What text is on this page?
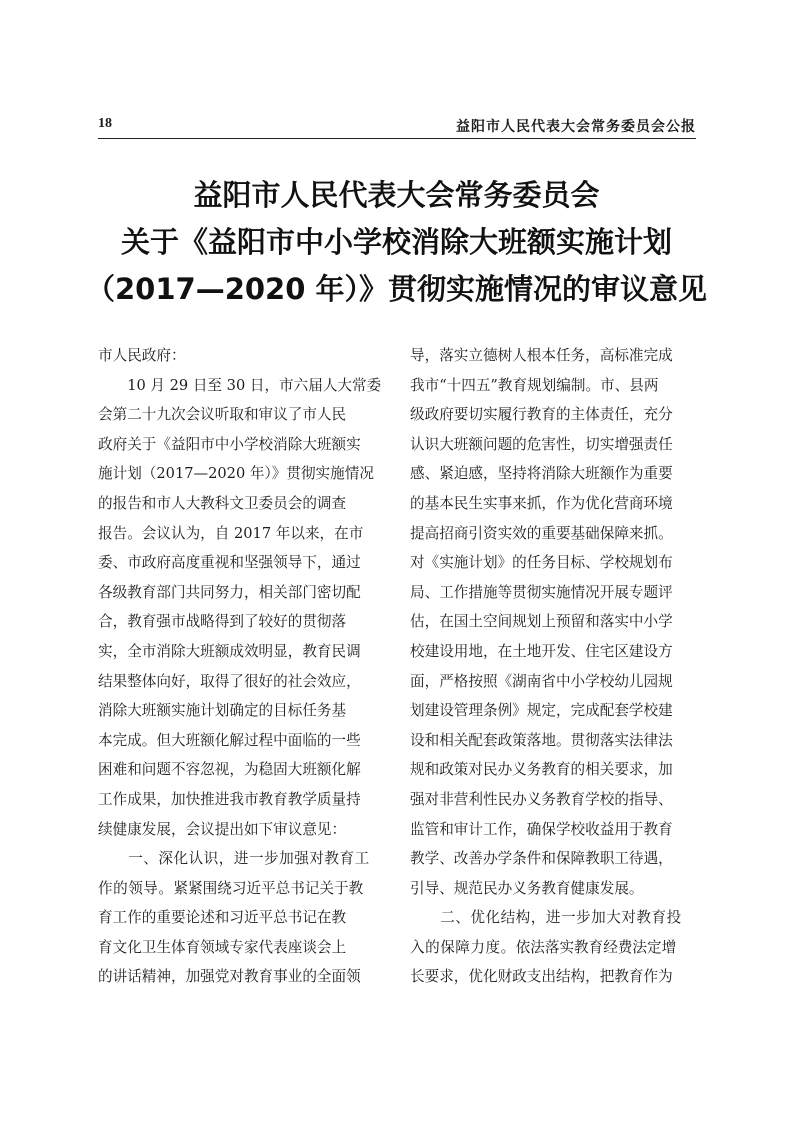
18	益阳市人民代表大会常务委员会公报
益阳市人民代表大会常务委员会
关于《益阳市中小学校消除大班额实施计划
（2017—2020 年）》贯彻实施情况的审议意见

市人民政府：

　　10 月 29 日至 30 日，市六届人大常委

会第二十九次会议听取和审议了市人民

政府关于《益阳市中小学校消除大班额实

施计划（2017—2020 年）》贯彻实施情况

的报告和市人大教科文卫委员会的调查

报告。会议认为，自 2017 年以来，在市

委、市政府高度重视和坚强领导下，通过

各级教育部门共同努力，相关部门密切配

合，教育强市战略得到了较好的贯彻落

实，全市消除大班额成效明显，教育民调

结果整体向好，取得了很好的社会效应，

消除大班额实施计划确定的目标任务基

本完成。但大班额化解过程中面临的一些

困难和问题不容忽视，为稳固大班额化解

工作成果，加快推进我市教育教学质量持

续健康发展，会议提出如下审议意见：

　　一、深化认识，进一步加强对教育工

作的领导。紧紧围绕习近平总书记关于教

育工作的重要论述和习近平总书记在教

育文化卫生体育领域专家代表座谈会上

的讲话精神，加强党对教育事业的全面领

导，落实立德树人根本任务，高标准完成

我市“十四五”教育规划编制。市、县两

级政府要切实履行教育的主体责任，充分

认识大班额问题的危害性，切实增强责任

感、紧迫感，坚持将消除大班额作为重要

的基本民生实事来抓，作为优化营商环境

提高招商引资实效的重要基础保障来抓。

对《实施计划》的任务目标、学校规划布

局、工作措施等贯彻实施情况开展专题评

估，在国土空间规划上预留和落实中小学

校建设用地，在土地开发、住宅区建设方

面，严格按照《湖南省中小学校幼儿园规

划建设管理条例》规定，完成配套学校建

设和相关配套政策落地。贯彻落实法律法

规和政策对民办义务教育的相关要求，加

强对非营利性民办义务教育学校的指导、

监管和审计工作，确保学校收益用于教育

教学、改善办学条件和保障教职工待遇，

引导、规范民办义务教育健康发展。

　　二、优化结构，进一步加大对教育投

入的保障力度。依法落实教育经费法定增

长要求，优化财政支出结构，把教育作为
